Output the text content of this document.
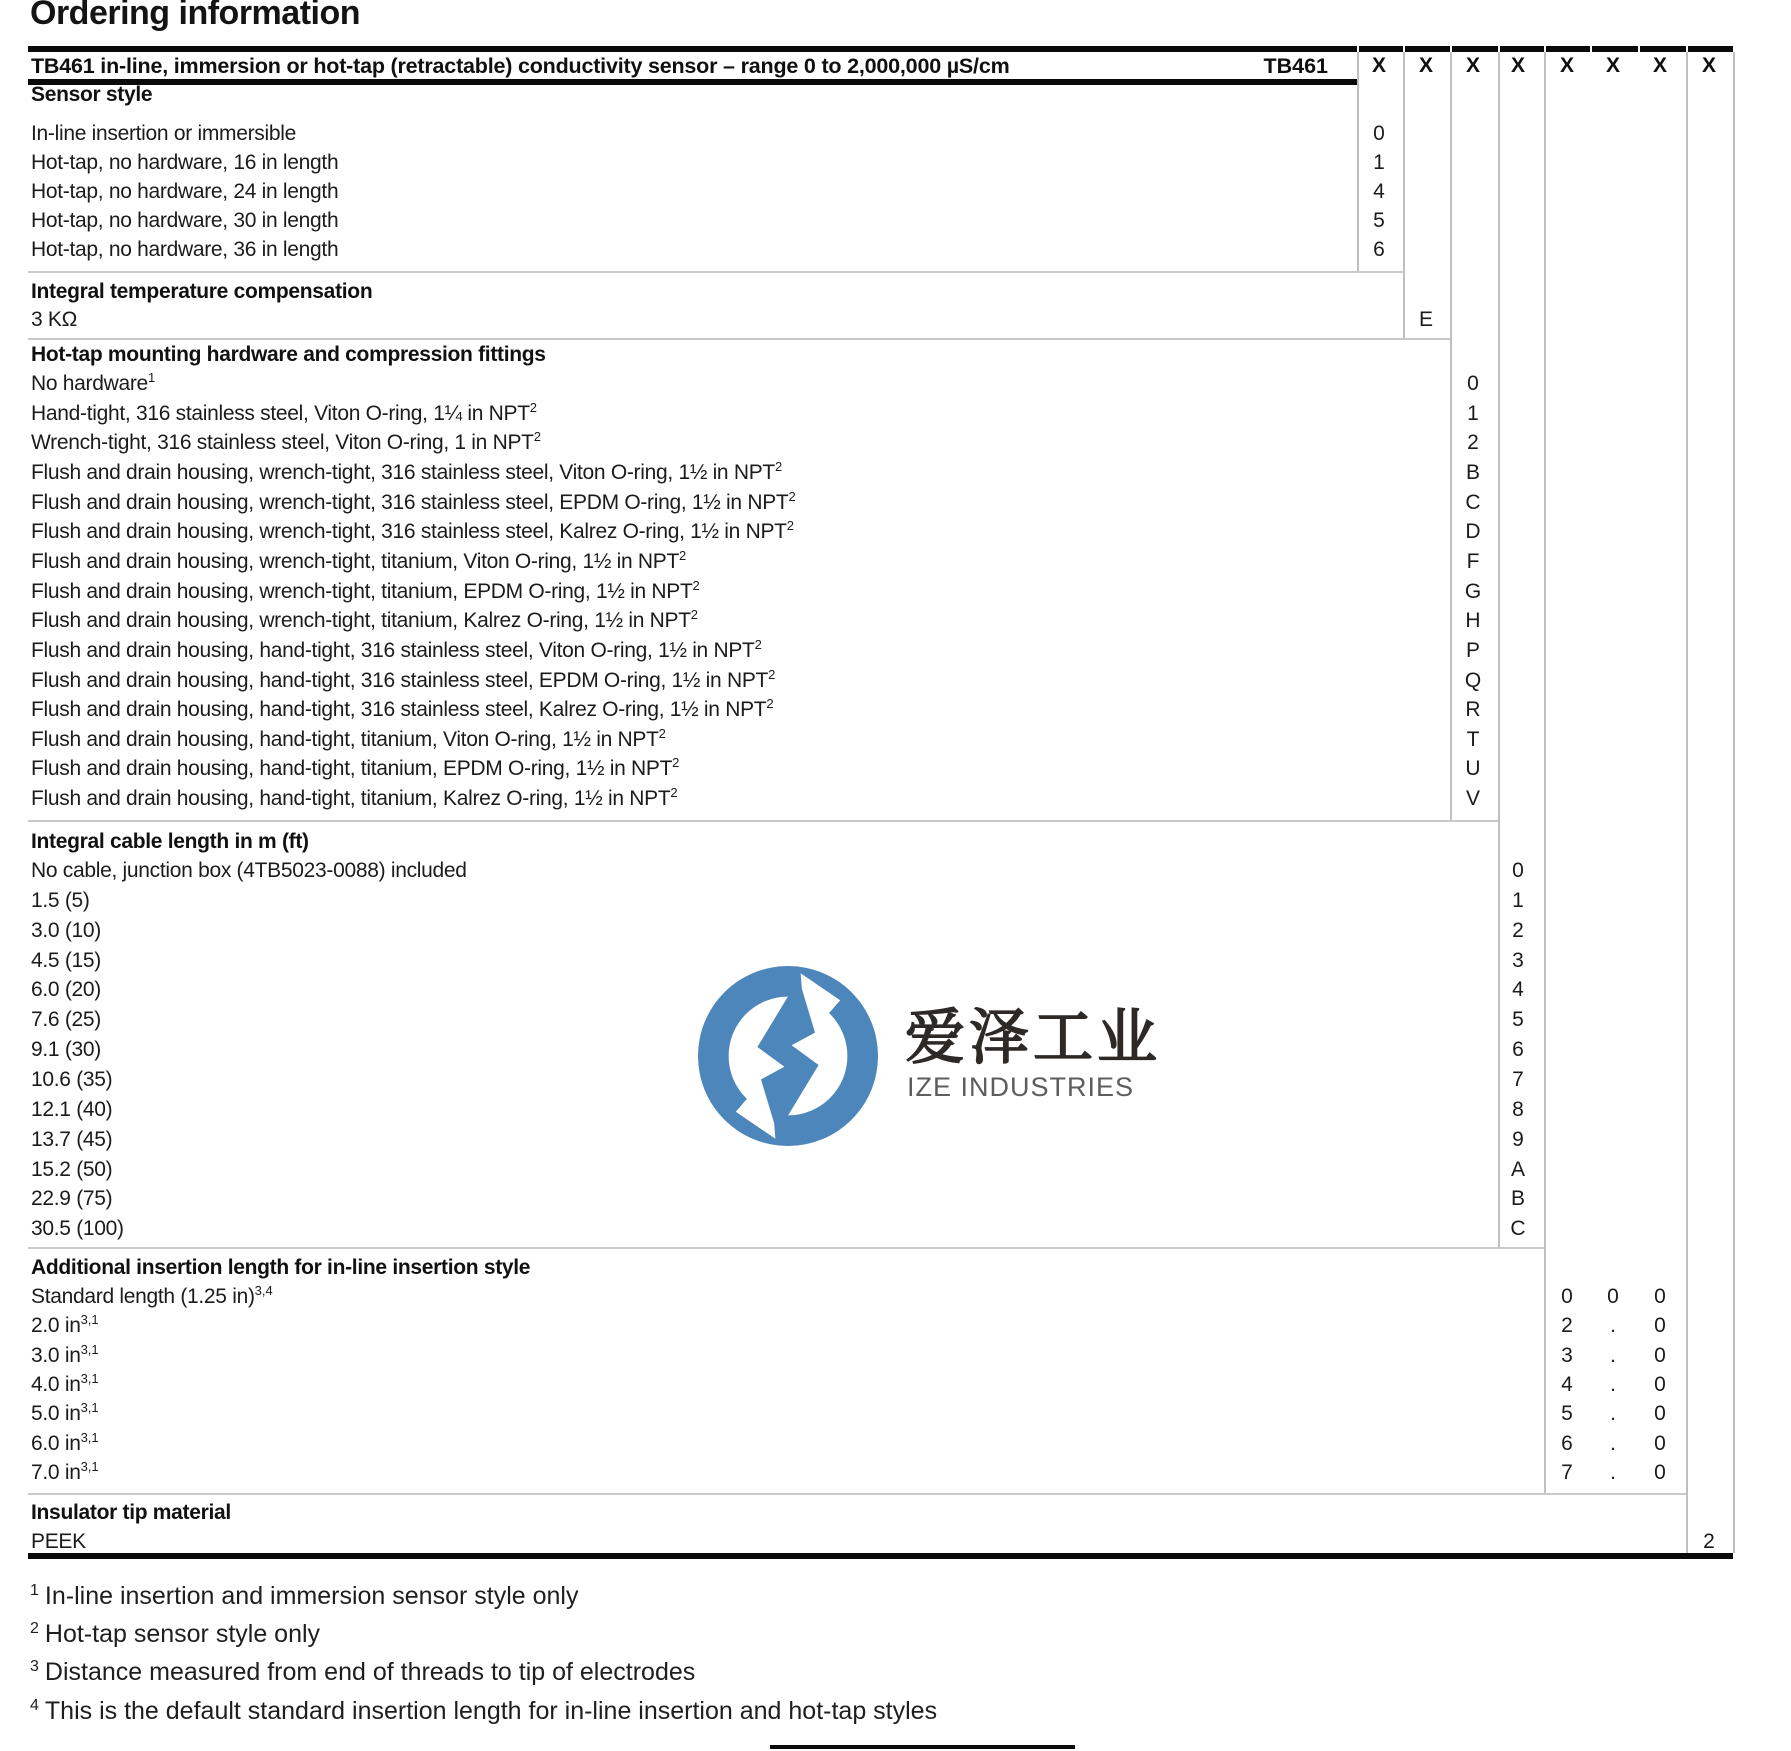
Ordering information
TB461 in-line, immersion or hot-tap (retractable) conductivity sensor – range 0 to 2,000,000 µS/cm	TB461	X	X	X	X	X	X	X	X
Sensor style
In-line insertion or immersible	0
Hot-tap, no hardware, 16 in length	1
Hot-tap, no hardware, 24 in length	4
Hot-tap, no hardware, 30 in length	5
Hot-tap, no hardware, 36 in length	6
Integral temperature compensation
3 KΩ	E
Hot-tap mounting hardware and compression fittings
No hardware$^1$	0
Hand-tight, 316 stainless steel, Viton O-ring, 1¼ in NPT$^2$	1
Wrench-tight, 316 stainless steel, Viton O-ring, 1 in NPT$^2$	2
Flush and drain housing, wrench-tight, 316 stainless steel, Viton O-ring, 1½ in NPT$^2$	B
Flush and drain housing, wrench-tight, 316 stainless steel, EPDM O-ring, 1½ in NPT$^2$	C
Flush and drain housing, wrench-tight, 316 stainless steel, Kalrez O-ring, 1½ in NPT$^2$	D
Flush and drain housing, wrench-tight, titanium, Viton O-ring, 1½ in NPT$^2$	F
Flush and drain housing, wrench-tight, titanium, EPDM O-ring, 1½ in NPT$^2$	G
Flush and drain housing, wrench-tight, titanium, Kalrez O-ring, 1½ in NPT$^2$	H
Flush and drain housing, hand-tight, 316 stainless steel, Viton O-ring, 1½ in NPT$^2$	P
Flush and drain housing, hand-tight, 316 stainless steel, EPDM O-ring, 1½ in NPT$^2$	Q
Flush and drain housing, hand-tight, 316 stainless steel, Kalrez O-ring, 1½ in NPT$^2$	R
Flush and drain housing, hand-tight, titanium, Viton O-ring, 1½ in NPT$^2$	T
Flush and drain housing, hand-tight, titanium, EPDM O-ring, 1½ in NPT$^2$	U
Flush and drain housing, hand-tight, titanium, Kalrez O-ring, 1½ in NPT$^2$	V
Integral cable length in m (ft)
No cable, junction box (4TB5023-0088) included	0
1.5 (5)	1
3.0 (10)	2
4.5 (15)	3
6.0 (20)	4
7.6 (25)	5
9.1 (30)	6
10.6 (35)	7
12.1 (40)	8
13.7 (45)	9
15.2 (50)	A
22.9 (75)	B
30.5 (100)	C
Additional insertion length for in-line insertion style
Standard length (1.25 in)$^{3,4}$	0	0	0
2.0 in$^{3,1}$	2	.	0
3.0 in$^{3,1}$	3	.	0
4.0 in$^{3,1}$	4	.	0
5.0 in$^{3,1}$	5	.	0
6.0 in$^{3,1}$	6	.	0
7.0 in$^{3,1}$	7	.	0
Insulator tip material
PEEK	2
$^1$ In-line insertion and immersion sensor style only
$^2$ Hot-tap sensor style only
$^3$ Distance measured from end of threads to tip of electrodes
$^4$ This is the default standard insertion length for in-line insertion and hot-tap styles
爱泽工业
IZE INDUSTRIES
